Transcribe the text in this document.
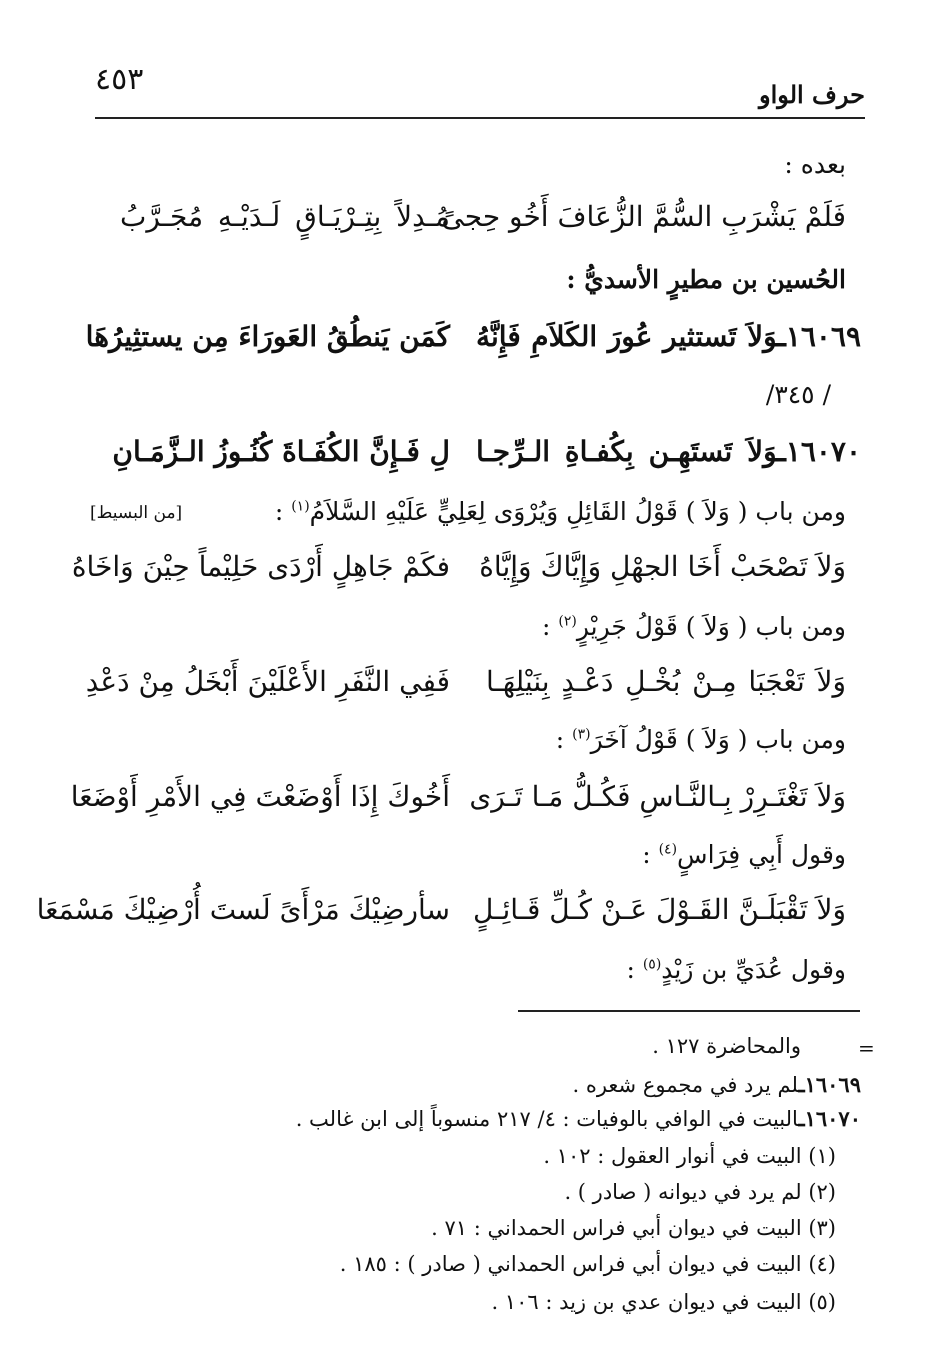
حرف الواو
٤٥٣
بعده :
فَلَمْ يَشْرَبِ السُّمَّ الزُّعَافَ أَخُو حِجىً
مُـدِلاً بِتِـرْيَـاقٍ لَـدَيْـهِ مُجَـرَّبُ
الحُسين بن مطيرٍ الأسديُّ :
١٦٠٦٩ـوَلاَ تَستثير عُورَ الكَلاَمِ فَإِنَّهُ
كَمَن يَنطُقُ العَورَاءَ مِن يستثِيرُهَا
/ ٣٤٥/
١٦٠٧٠ـوَلاَ تَستَهِـن بِكُفـاةِ الـرِّجـا
لِ فَـإِنَّ الكُفَـاةَ كُنُـوزُ الـزَّمَـانِ
ومن باب ( وَلاَ ) قَوْلُ القَائِلِ وَيُرْوَى لِعَلِيٍّ عَلَيْهِ السَّلاَمُ$^{(١)}$ :
[من البسيط]
وَلاَ تَصْحَبْ أَخَا الجهْلِ وَإِيَّاكَ وَإِيَّاهُ
فكَمْ جَاهِلٍ أَرْدَى حَلِيْماً حِيْنَ وَاخَاهُ
ومن باب ( وَلاَ ) قَوْلُ جَرِيْرٍ$^{(٢)}$ :
وَلاَ تَعْجَبَا مِـنْ بُخْـلِ دَعْـدٍ بِنَيْلِهَـا
فَفِي النَّفَرِ الأَعْلَيْنَ أَبْخَلُ مِنْ دَعْدِ
ومن باب ( وَلاَ ) قَوْلُ آخَرَ$^{(٣)}$ :
وَلاَ تَغْتَـرِرْ بِـالنَّـاسِ فَكُـلُّ مَـا تَـرَى
أَخُوكَ إِذَا أَوْضَعْتَ فِي الأَمْرِ أَوْضَعَا
وقول أَبِي فِرَاسٍ$^{(٤)}$ :
وَلاَ تَقْبَلَـنَّ القَـوْلَ عَـنْ كُـلِّ قَـائِـلٍ
سأرضِيْكَ مَرْأَىً لَستَ أُرْضِيْكَ مَسْمَعَا
وقول عُدَيِّ بن زَيْدٍ$^{(٥)}$ :
=
والمحاضرة ١٢٧ .
١٦٠٦٩ـلم يرد في مجموع شعره .
١٦٠٧٠ـالبيت في الوافي بالوفيات : ٤/ ٢١٧ منسوباً إلى ابن غالب .
(١) البيت في أنوار العقول : ١٠٢ .
(٢) لم يرد في ديوانه ( صادر ) .
(٣) البيت في ديوان أبي فراس الحمداني : ٧١ .
(٤) البيت في ديوان أبي فراس الحمداني ( صادر ) : ١٨٥ .
(٥) البيت في ديوان عدي بن زيد : ١٠٦ .
